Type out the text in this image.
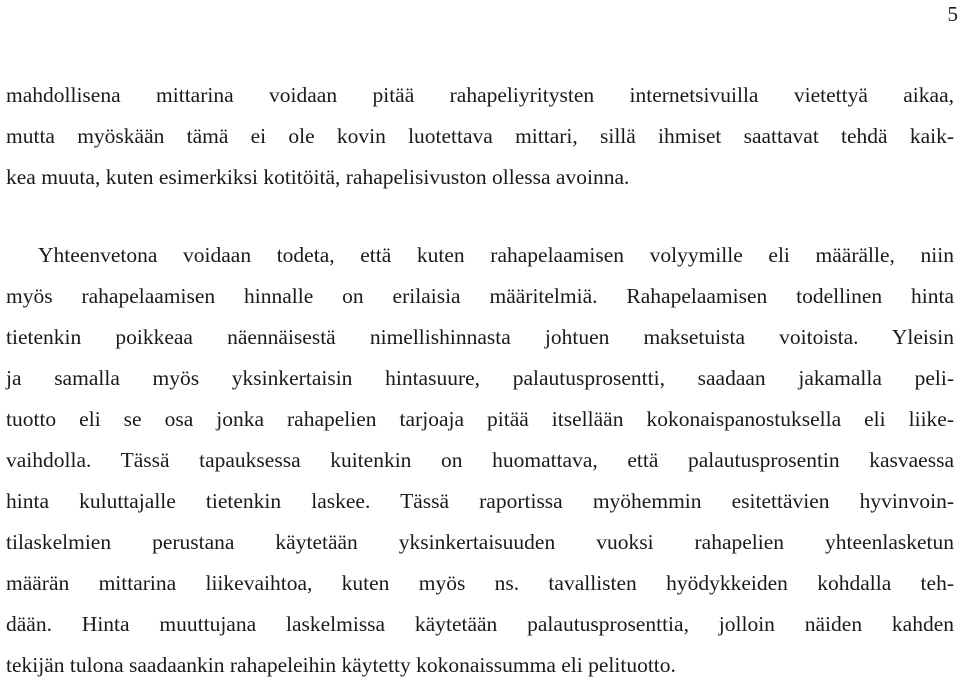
5
mahdollisena mittarina voidaan pitää rahapeliyritysten internetsivuilla vietettyä aikaa,
mutta myöskään tämä ei ole kovin luotettava mittari, sillä ihmiset saattavat tehdä kaik-
kea muuta, kuten esimerkiksi kotitöitä, rahapelisivuston ollessa avoinna.
Yhteenvetona voidaan todeta, että kuten rahapelaamisen volyymille eli määrälle, niin
myös rahapelaamisen hinnalle on erilaisia määritelmiä. Rahapelaamisen todellinen hinta
tietenkin poikkeaa näennäisestä nimellishinnasta johtuen maksetuista voitoista. Yleisin
ja samalla myös yksinkertaisin hintasuure, palautusprosentti, saadaan jakamalla peli-
tuotto eli se osa jonka rahapelien tarjoaja pitää itsellään kokonaispanostuksella eli liike-
vaihdolla. Tässä tapauksessa kuitenkin on huomattava, että palautusprosentin kasvaessa
hinta kuluttajalle tietenkin laskee. Tässä raportissa myöhemmin esitettävien hyvinvoin-
tilaskelmien perustana käytetään yksinkertaisuuden vuoksi rahapelien yhteenlasketun
määrän mittarina liikevaihtoa, kuten myös ns. tavallisten hyödykkeiden kohdalla teh-
dään. Hinta muuttujana laskelmissa käytetään palautusprosenttia, jolloin näiden kahden
tekijän tulona saadaankin rahapeleihin käytetty kokonaissumma eli pelituotto.
